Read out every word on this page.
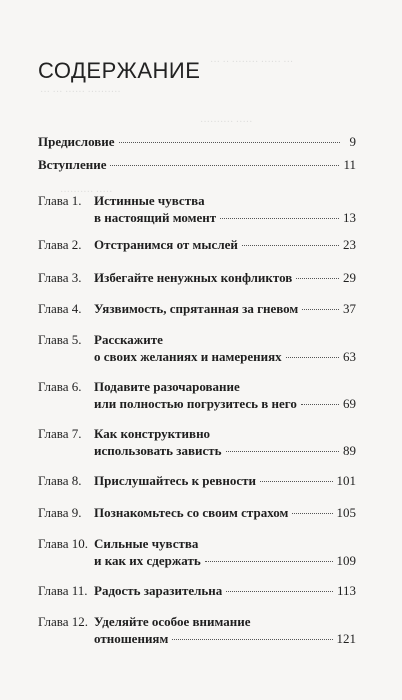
··· ·· ········ ······ ···
··· ··· ······ ··········
·········· ·····
·········· ·····
СОДЕРЖАНИЕ
Предисловие	9
Вступление	11
Глава 1. Истинные чувства
в настоящий момент	13
Глава 2. Отстранимся от мыслей	23
Глава 3. Избегайте ненужных конфликтов	29
Глава 4. Уязвимость, спрятанная за гневом	37
Глава 5. Расскажите
о своих желаниях и намерениях	63
Глава 6. Подавите разочарование
или полностью погрузитесь в него	69
Глава 7. Как конструктивно
использовать зависть	89
Глава 8. Прислушайтесь к ревности	101
Глава 9. Познакомьтесь со своим страхом	105
Глава 10. Сильные чувства
и как их сдержать	109
Глава 11. Радость заразительна	113
Глава 12. Уделяйте особое внимание
отношениям	121
